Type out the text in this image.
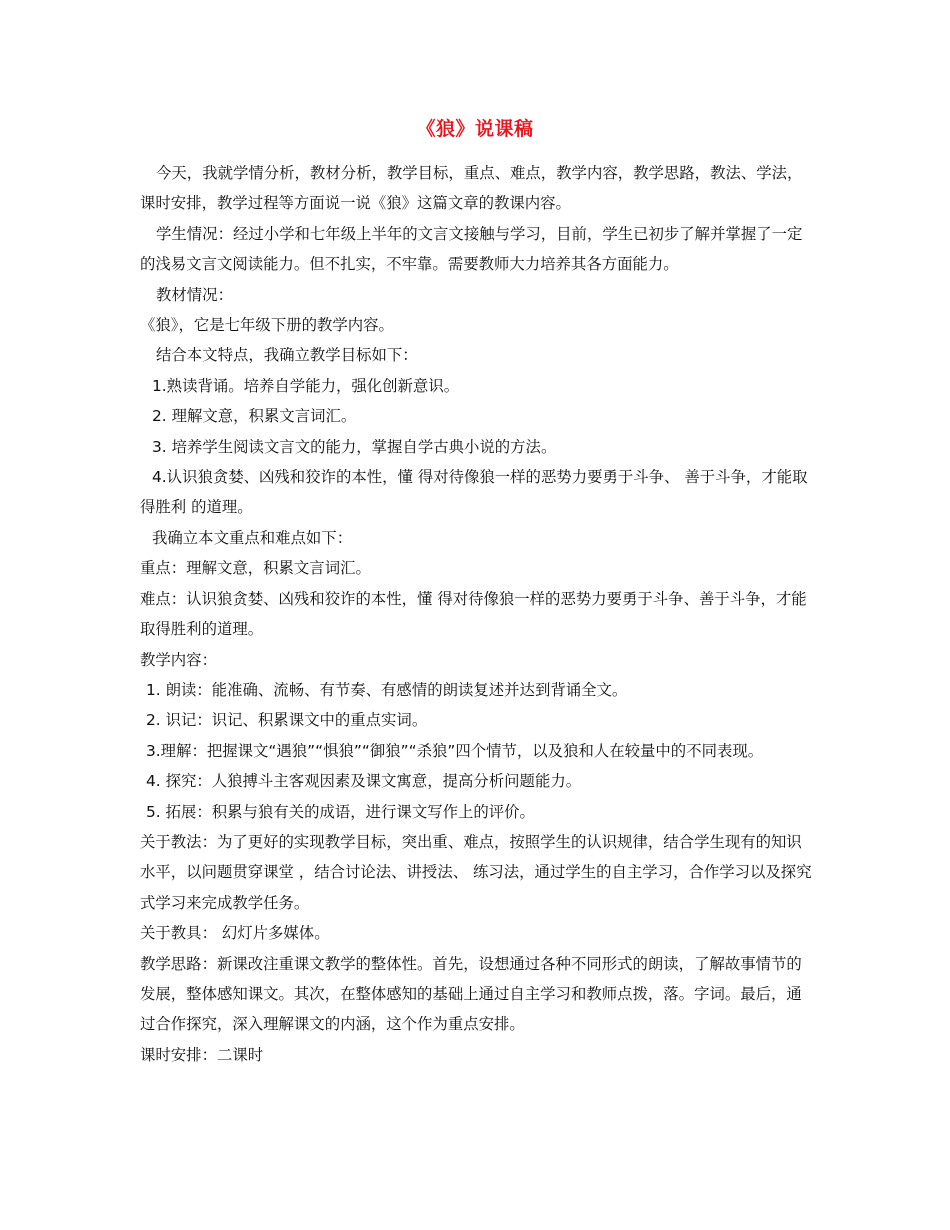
《狼》说课稿

今天，我就学情分析，教材分析，教学目标，重点、难点，教学内容，教学思路，教法、学法，课时安排，教学过程等方面说一说《狼》这篇文章的教课内容。

学生情况：经过小学和七年级上半年的文言文接触与学习，目前，学生已初步了解并掌握了一定的浅易文言文阅读能力。但不扎实，不牢靠。需要教师大力培养其各方面能力。

教材情况：

《狼》，它是七年级下册的教学内容。

结合本文特点，我确立教学目标如下：

1.熟读背诵。培养自学能力，强化创新意识。

2. 理解文意，积累文言词汇。

3. 培养学生阅读文言文的能力，掌握自学古典小说的方法。

4.认识狼贪婪、凶残和狡诈的本性，懂 得对待像狼一样的恶势力要勇于斗争、 善于斗争，才能取得胜利 的道理。

我确立本文重点和难点如下：

重点：理解文意，积累文言词汇。

难点：认识狼贪婪、凶残和狡诈的本性，懂 得对待像狼一样的恶势力要勇于斗争、善于斗争，才能取得胜利的道理。

教学内容：

1. 朗读：能准确、流畅、有节奏、有感情的朗读复述并达到背诵全文。

2. 识记：识记、积累课文中的重点实词。

3.理解：把握课文“遇狼”“惧狼”“御狼”“杀狼”四个情节，以及狼和人在较量中的不同表现。

4. 探究：人狼搏斗主客观因素及课文寓意，提高分析问题能力。

5. 拓展：积累与狼有关的成语，进行课文写作上的评价。

关于教法：为了更好的实现教学目标，突出重、难点，按照学生的认识规律，结合学生现有的知识水平，以问题贯穿课堂 ，结合讨论法、讲授法、 练习法，通过学生的自主学习，合作学习以及探究式学习来完成教学任务。

关于教具： 幻灯片多媒体。

教学思路：新课改注重课文教学的整体性。首先，设想通过各种不同形式的朗读，了解故事情节的发展，整体感知课文。其次，在整体感知的基础上通过自主学习和教师点拨，落。字词。最后，通过合作探究，深入理解课文的内涵，这个作为重点安排。

课时安排：二课时
